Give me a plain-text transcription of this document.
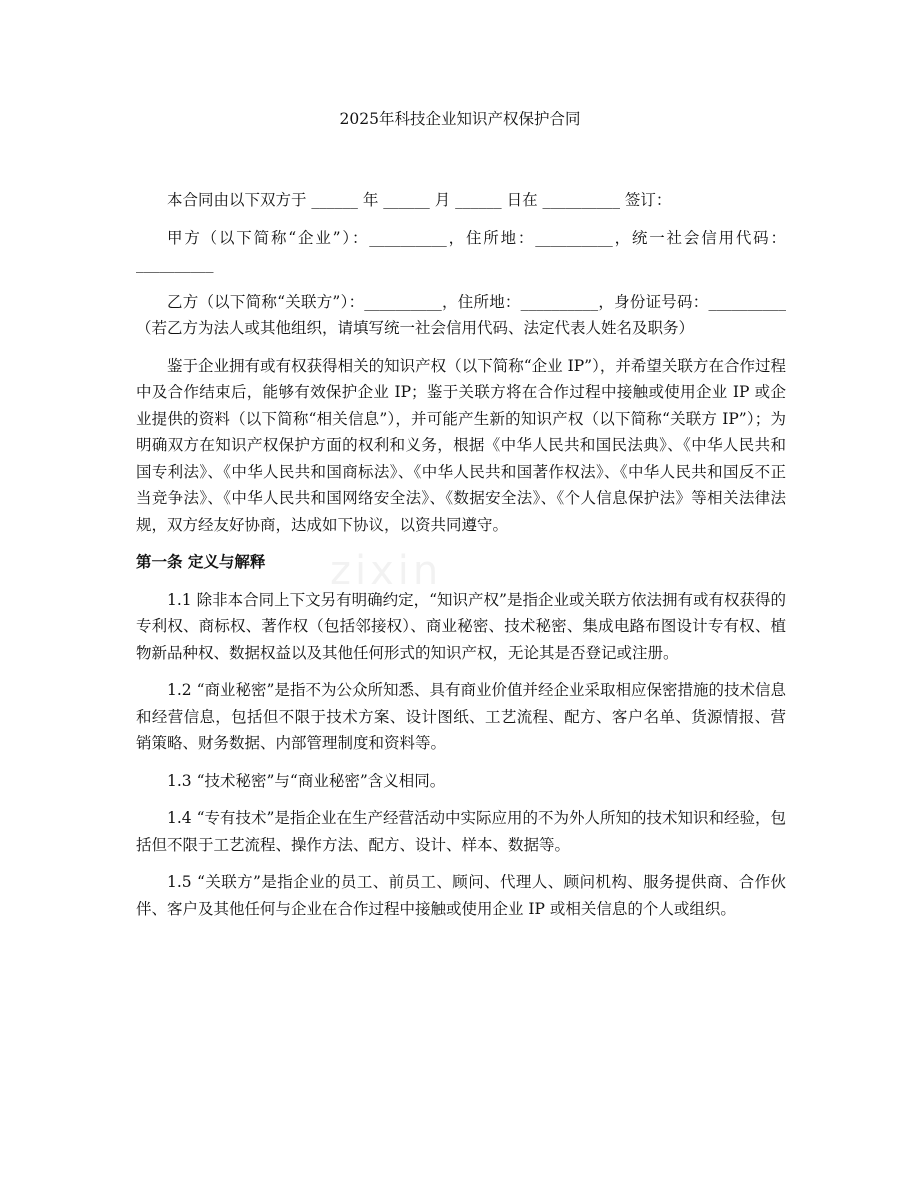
2025年科技企业知识产权保护合同

本合同由以下双方于 ______ 年 ______ 月 ______ 日在 __________ 签订：

甲方（以下简称“企业”）：__________，住所地：__________，统一社会信用代码：__________

乙方（以下简称“关联方”）：__________，住所地：__________，身份证号码：__________（若乙方为法人或其他组织，请填写统一社会信用代码、法定代表人姓名及职务）

鉴于企业拥有或有权获得相关的知识产权（以下简称“企业 IP”），并希望关联方在合作过程中及合作结束后，能够有效保护企业 IP；鉴于关联方将在合作过程中接触或使用企业 IP 或企业提供的资料（以下简称“相关信息”），并可能产生新的知识产权（以下简称“关联方 IP”）；为明确双方在知识产权保护方面的权利和义务，根据《中华人民共和国民法典》、《中华人民共和国专利法》、《中华人民共和国商标法》、《中华人民共和国著作权法》、《中华人民共和国反不正当竞争法》、《中华人民共和国网络安全法》、《数据安全法》、《个人信息保护法》等相关法律法规，双方经友好协商，达成如下协议，以资共同遵守。

第一条 定义与解释

1.1 除非本合同上下文另有明确约定，“知识产权”是指企业或关联方依法拥有或有权获得的专利权、商标权、著作权（包括邻接权）、商业秘密、技术秘密、集成电路布图设计专有权、植物新品种权、数据权益以及其他任何形式的知识产权，无论其是否登记或注册。

1.2 “商业秘密”是指不为公众所知悉、具有商业价值并经企业采取相应保密措施的技术信息和经营信息，包括但不限于技术方案、设计图纸、工艺流程、配方、客户名单、货源情报、营销策略、财务数据、内部管理制度和资料等。

1.3 “技术秘密”与“商业秘密”含义相同。

1.4 “专有技术”是指企业在生产经营活动中实际应用的不为外人所知的技术知识和经验，包括但不限于工艺流程、操作方法、配方、设计、样本、数据等。

1.5 “关联方”是指企业的员工、前员工、顾问、代理人、顾问机构、服务提供商、合作伙伴、客户及其他任何与企业在合作过程中接触或使用企业 IP 或相关信息的个人或组织。

zixin
